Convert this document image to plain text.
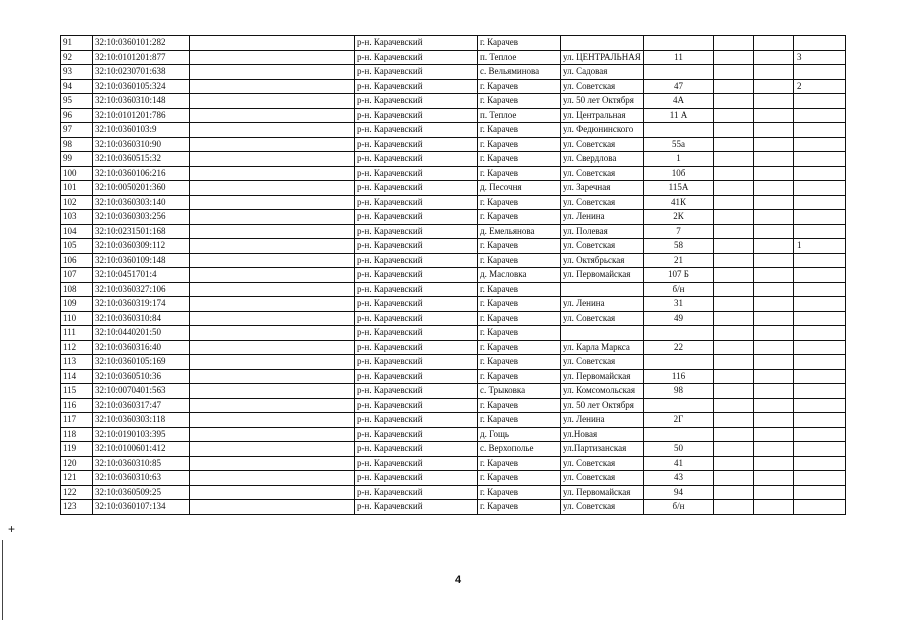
91	32:10:0360101:282		р-н. Карачевский	г. Карачев					
92	32:10:0101201:877		р-н. Карачевский	п. Теплое	ул. ЦЕНТРАЛЬНАЯ	11			3
93	32:10:0230701:638		р-н. Карачевский	с. Вельяминова	ул. Садовая				
94	32:10:0360105:324		р-н. Карачевский	г. Карачев	ул. Советская	47			2
95	32:10:0360310:148		р-н. Карачевский	г. Карачев	ул. 50 лет Октября	4А			
96	32:10:0101201:786		р-н. Карачевский	п. Теплое	ул. Центральная	11 А			
97	32:10:0360103:9		р-н. Карачевский	г. Карачев	ул. Федюнинского				
98	32:10:0360310:90		р-н. Карачевский	г. Карачев	ул. Советская	55а			
99	32:10:0360515:32		р-н. Карачевский	г. Карачев	ул. Свердлова	1			
100	32:10:0360106:216		р-н. Карачевский	г. Карачев	ул. Советская	10б			
101	32:10:0050201:360		р-н. Карачевский	д. Песочня	ул. Заречная	115А			
102	32:10:0360303:140		р-н. Карачевский	г. Карачев	ул. Советская	41К			
103	32:10:0360303:256		р-н. Карачевский	г. Карачев	ул. Ленина	2К			
104	32:10:0231501:168		р-н. Карачевский	д. Емельянова	ул. Полевая	7			
105	32:10:0360309:112		р-н. Карачевский	г. Карачев	ул. Советская	58			1
106	32:10:0360109:148		р-н. Карачевский	г. Карачев	ул. Октябрьская	21			
107	32:10:0451701:4		р-н. Карачевский	д. Масловка	ул. Первомайская	107 Б			
108	32:10:0360327:106		р-н. Карачевский	г. Карачев		б/н			
109	32:10:0360319:174		р-н. Карачевский	г. Карачев	ул. Ленина	31			
110	32:10:0360310:84		р-н. Карачевский	г. Карачев	ул. Советская	49			
111	32:10:0440201:50		р-н. Карачевский	г. Карачев					
112	32:10:0360316:40		р-н. Карачевский	г. Карачев	ул. Карла Маркса	22			
113	32:10:0360105:169		р-н. Карачевский	г. Карачев	ул. Советская				
114	32:10:0360510:36		р-н. Карачевский	г. Карачев	ул. Первомайская	116			
115	32:10:0070401:563		р-н. Карачевский	с. Трыковка	ул. Комсомольская	98			
116	32:10:0360317:47		р-н. Карачевский	г. Карачев	ул. 50 лет Октября				
117	32:10:0360303:118		р-н. Карачевский	г. Карачев	ул. Ленина	2Г			
118	32:10:0190103:395		р-н. Карачевский	д. Гощь	ул.Новая				
119	32:10:0100601:412		р-н. Карачевский	с. Верхополье	ул.Партизанская	50			
120	32:10:0360310:85		р-н. Карачевский	г. Карачев	ул. Советская	41			
121	32:10:0360310:63		р-н. Карачевский	г. Карачев	ул. Советская	43			
122	32:10:0360509:25		р-н. Карачевский	г. Карачев	ул. Первомайская	94			
123	32:10:0360107:134		р-н. Карачевский	г. Карачев	ул. Советская	б/н			
+
4
